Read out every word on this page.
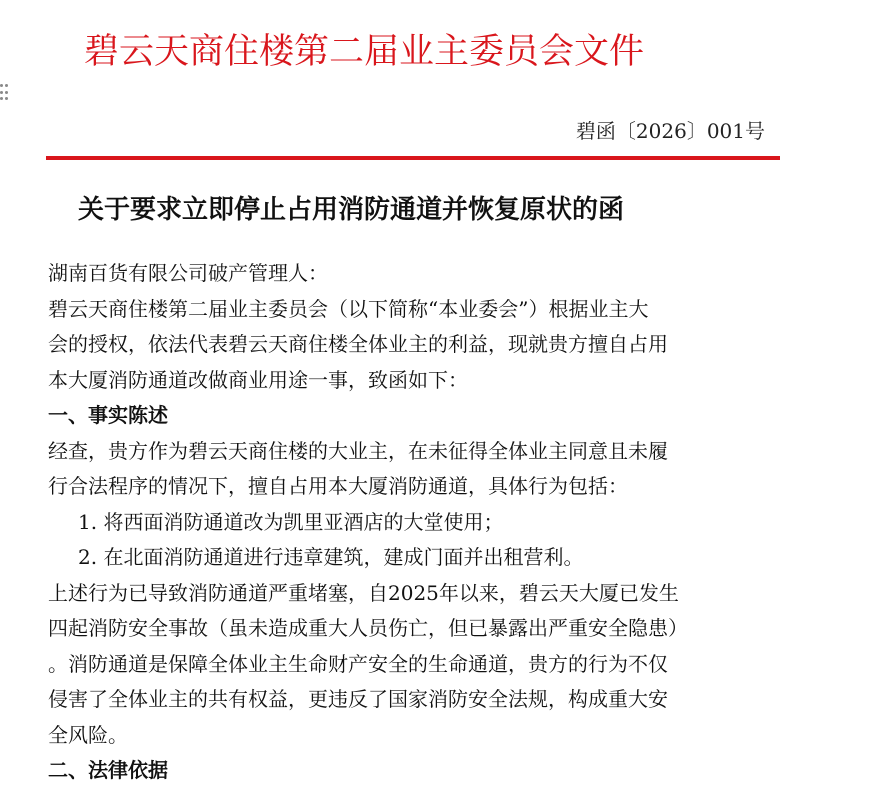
碧云天商住楼第二届业主委员会文件
碧函〔2026〕001号
关于要求立即停止占用消防通道并恢复原状的函

湖南百货有限公司破产管理人：

碧云天商住楼第二届业主委员会（以下简称“本业委会”）根据业主大

会的授权，依法代表碧云天商住楼全体业主的利益，现就贵方擅自占用

本大厦消防通道改做商业用途一事，致函如下：

一、事实陈述

经查，贵方作为碧云天商住楼的大业主，在未征得全体业主同意且未履

行合法程序的情况下，擅自占用本大厦消防通道，具体行为包括：

1. 将西面消防通道改为凯里亚酒店的大堂使用；

2. 在北面消防通道进行违章建筑，建成门面并出租营利。

上述行为已导致消防通道严重堵塞，自2025年以来，碧云天大厦已发生

四起消防安全事故（虽未造成重大人员伤亡，但已暴露出严重安全隐患）

。消防通道是保障全体业主生命财产安全的生命通道，贵方的行为不仅

侵害了全体业主的共有权益，更违反了国家消防安全法规，构成重大安

全风险。

二、法律依据
